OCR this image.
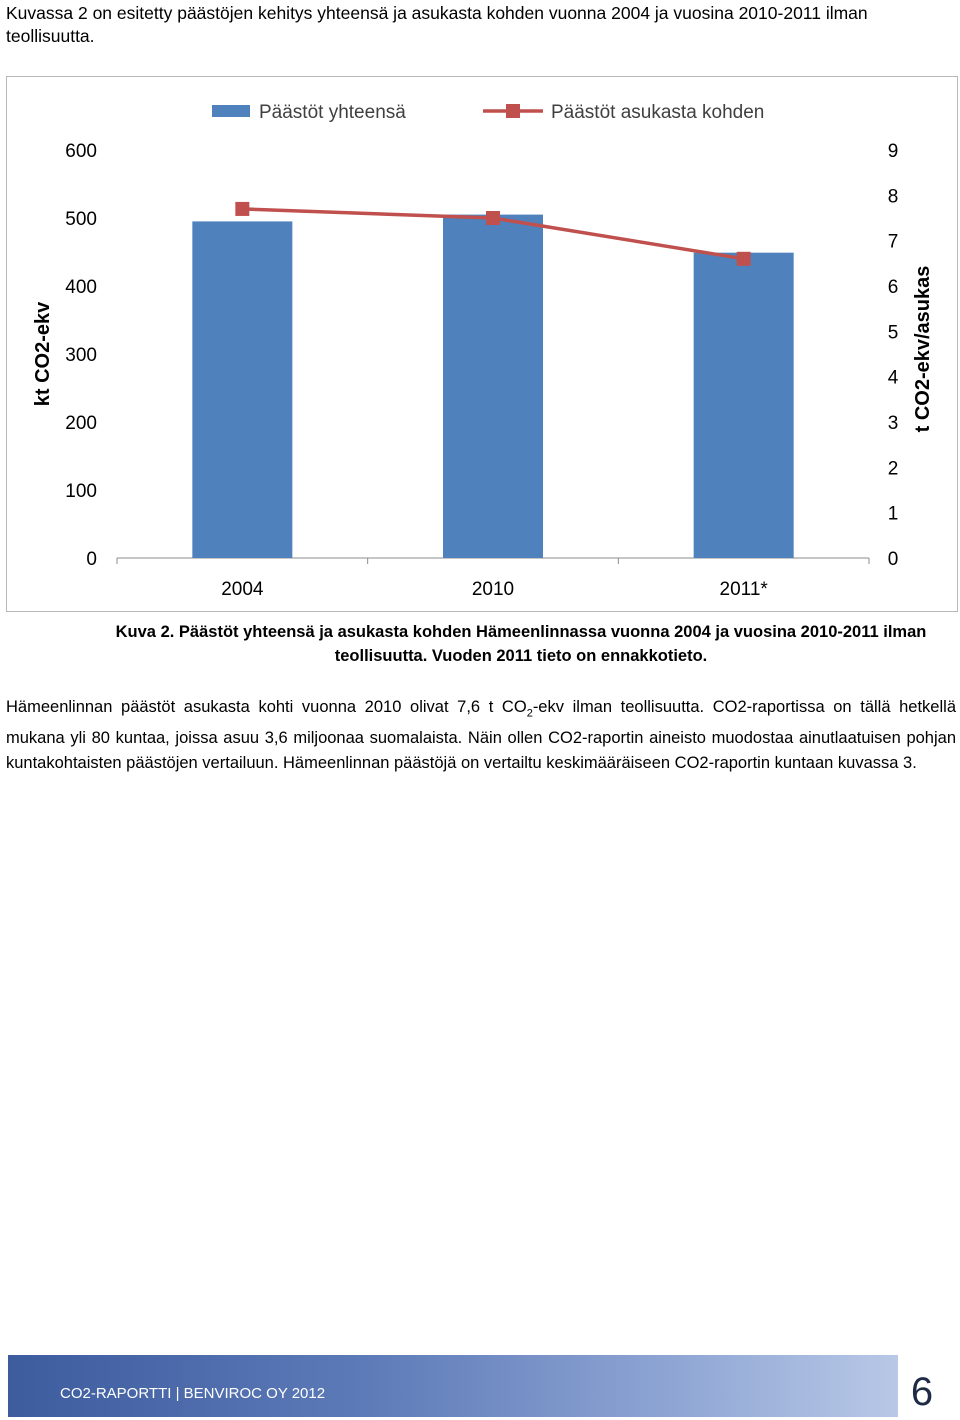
Kuvassa 2 on esitetty päästöjen kehitys yhteensä ja asukasta kohden vuonna 2004 ja vuosina 2010-2011 ilman teollisuutta.
0
100
200
300
400
500
600
0
1
2
3
4
5
6
7
8
9
kt CO2-ekv	t CO2-ekv/asukas
2004	2010	2011*
Päästöt yhteensä	Päästöt asukasta kohden
Kuva 2. Päästöt yhteensä ja asukasta kohden Hämeenlinnassa vuonna 2004 ja vuosina 2010-2011 ilman teollisuutta. Vuoden 2011 tieto on ennakkotieto.
Hämeenlinnan päästöt asukasta kohti vuonna 2010 olivat 7,6 t $CO_2$-ekv ilman teollisuutta. CO2-raportissa on tällä hetkellä mukana yli 80 kuntaa, joissa asuu 3,6 miljoonaa suomalaista. Näin ollen CO2-raportin aineisto muodostaa ainutlaatuisen pohjan kuntakohtaisten päästöjen vertailuun. Hämeenlinnan päästöjä on vertailtu keskimääräiseen CO2-raportin kuntaan kuvassa 3.
CO2-RAPORTTI | BENVIROC OY 2012	6
